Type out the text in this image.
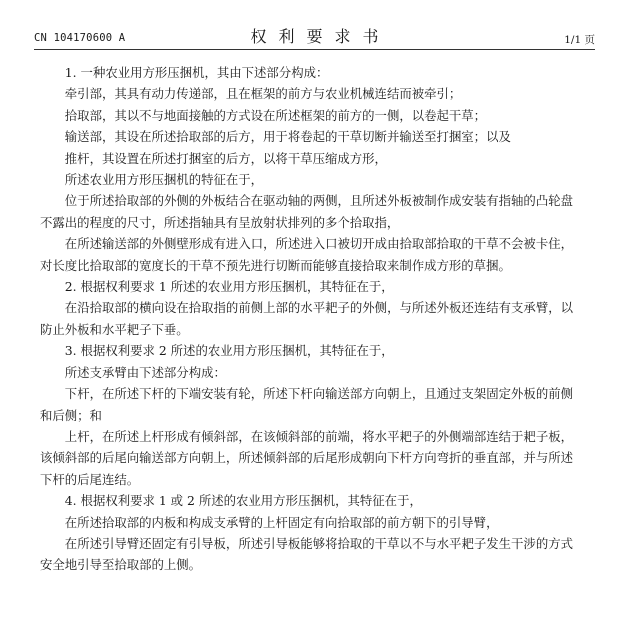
CN 104170600 A	权利要求书	1/1 页

1. 一种农业用方形压捆机，其由下述部分构成：

牵引部，其具有动力传递部，且在框架的前方与农业机械连结而被牵引；

拾取部，其以不与地面接触的方式设在所述框架的前方的一侧，以卷起干草；

输送部，其设在所述拾取部的后方，用于将卷起的干草切断并输送至打捆室；以及

推杆，其设置在所述打捆室的后方，以将干草压缩成方形，

所述农业用方形压捆机的特征在于，

位于所述拾取部的外侧的外板结合在驱动轴的两侧，且所述外板被制作成安装有指轴的凸轮盘不露出的程度的尺寸，所述指轴具有呈放射状排列的多个拾取指，

在所述输送部的外侧壁形成有进入口，所述进入口被切开成由拾取部拾取的干草不会被卡住，对长度比拾取部的宽度长的干草不预先进行切断而能够直接拾取来制作成方形的草捆。

2. 根据权利要求 1 所述的农业用方形压捆机，其特征在于，

在沿拾取部的横向设在拾取指的前侧上部的水平耙子的外侧，与所述外板还连结有支承臂，以防止外板和水平耙子下垂。

3. 根据权利要求 2 所述的农业用方形压捆机，其特征在于，

所述支承臂由下述部分构成：

下杆，在所述下杆的下端安装有轮，所述下杆向输送部方向朝上，且通过支架固定外板的前侧和后侧；和

上杆，在所述上杆形成有倾斜部，在该倾斜部的前端，将水平耙子的外侧端部连结于耙子板，该倾斜部的后尾向输送部方向朝上，所述倾斜部的后尾形成朝向下杆方向弯折的垂直部，并与所述下杆的后尾连结。

4. 根据权利要求 1 或 2 所述的农业用方形压捆机，其特征在于，

在所述拾取部的内板和构成支承臂的上杆固定有向拾取部的前方朝下的引导臂，

在所述引导臂还固定有引导板，所述引导板能够将拾取的干草以不与水平耙子发生干涉的方式安全地引导至拾取部的上侧。
